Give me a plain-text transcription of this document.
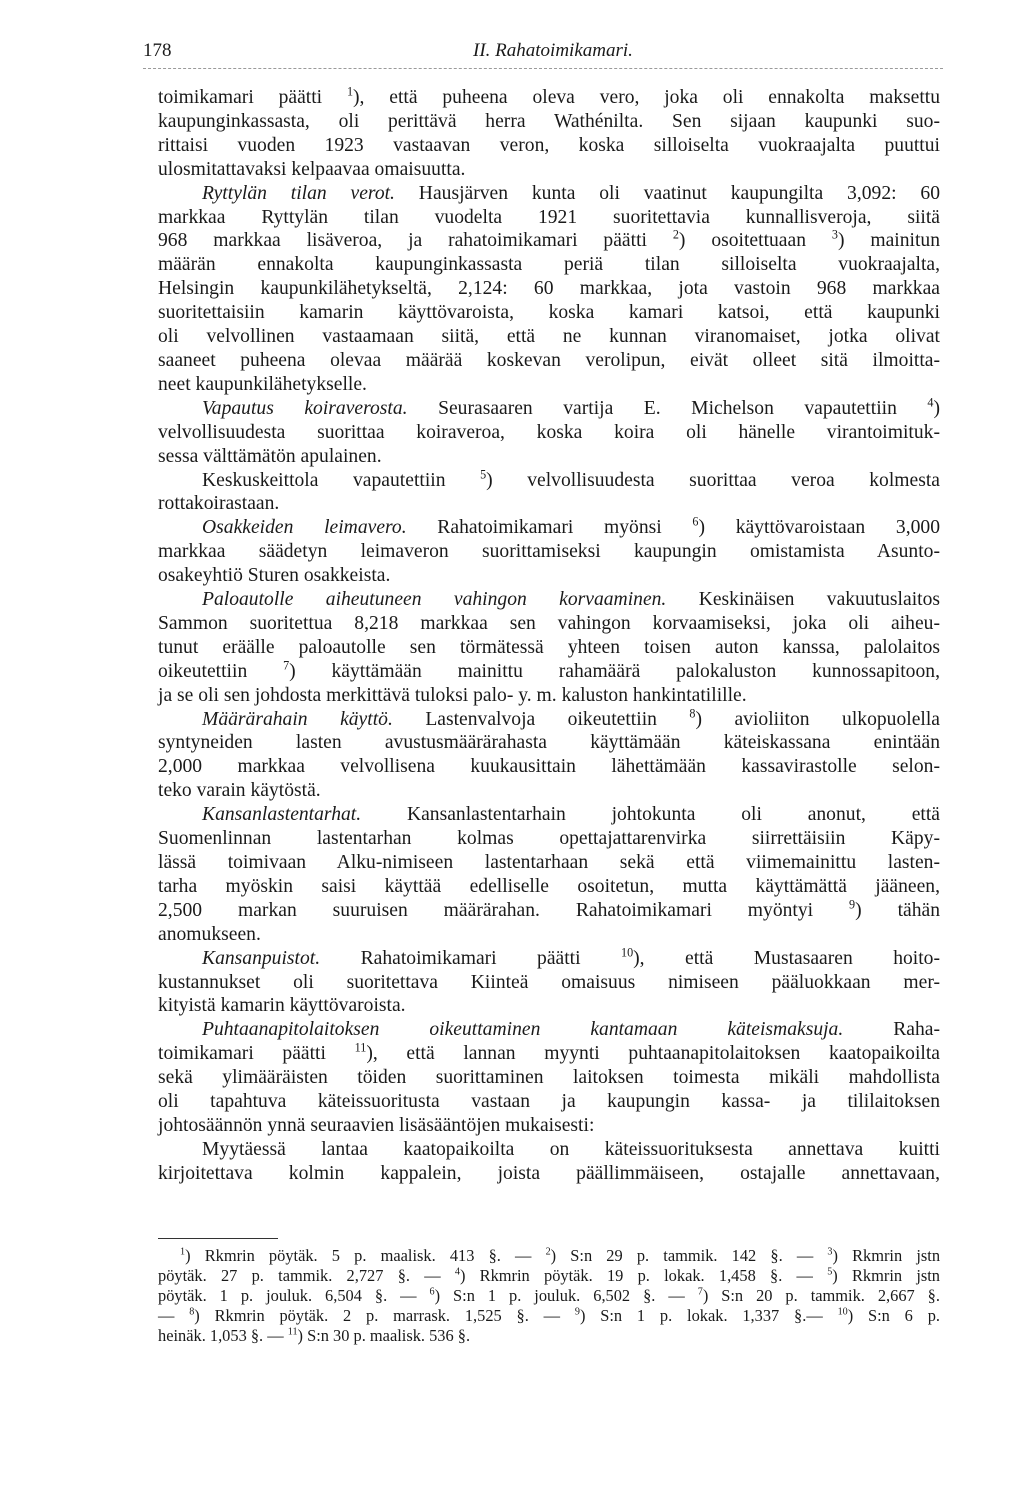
178	II. Rahatoimikamari.
toimikamari päätti $^1$), että puheena oleva vero, joka oli ennakolta maksettu
kaupunginkassasta, oli perittävä herra Wathénilta. Sen sijaan kaupunki suo-
rittaisi vuoden 1923 vastaavan veron, koska silloiselta vuokraajalta puuttui
ulosmitattavaksi kelpaavaa omaisuutta.
Ryttylän tilan verot. Hausjärven kunta oli vaatinut kaupungilta 3,092: 60
markkaa Ryttylän tilan vuodelta 1921 suoritettavia kunnallisveroja, siitä
968 markkaa lisäveroa, ja rahatoimikamari päätti $^2$) osoitettuaan $^3$) mainitun
määrän ennakolta kaupunginkassasta periä tilan silloiselta vuokraajalta,
Helsingin kaupunkilähetykseltä, 2,124: 60 markkaa, jota vastoin 968 markkaa
suoritettaisiin kamarin käyttövaroista, koska kamari katsoi, että kaupunki
oli velvollinen vastaamaan siitä, että ne kunnan viranomaiset, jotka olivat
saaneet puheena olevaa määrää koskevan verolipun, eivät olleet sitä ilmoitta-
neet kaupunkilähetykselle.
Vapautus koiraverosta. Seurasaaren vartija E. Michelson vapautettiin $^4$)
velvollisuudesta suorittaa koiraveroa, koska koira oli hänelle virantoimituk-
sessa välttämätön apulainen.
Keskuskeittola vapautettiin $^5$) velvollisuudesta suorittaa veroa kolmesta
rottakoirastaan.
Osakkeiden leimavero. Rahatoimikamari myönsi $^6$) käyttövaroistaan 3,000
markkaa säädetyn leimaveron suorittamiseksi kaupungin omistamista Asunto-
osakeyhtiö Sturen osakkeista.
Paloautolle aiheutuneen vahingon korvaaminen. Keskinäisen vakuutuslaitos
Sammon suoritettua 8,218 markkaa sen vahingon korvaamiseksi, joka oli aiheu-
tunut eräälle paloautolle sen törmätessä yhteen toisen auton kanssa, palolaitos
oikeutettiin $^7$) käyttämään mainittu rahamäärä palokaluston kunnossapitoon,
ja se oli sen johdosta merkittävä tuloksi palo- y. m. kaluston hankintatilille.
Määrärahain käyttö. Lastenvalvoja oikeutettiin $^8$) avioliiton ulkopuolella
syntyneiden lasten avustusmäärärahasta käyttämään käteiskassana enintään
2,000 markkaa velvollisena kuukausittain lähettämään kassavirastolle selon-
teko varain käytöstä.
Kansanlastentarhat. Kansanlastentarhain johtokunta oli anonut, että
Suomenlinnan lastentarhan kolmas opettajattarenvirka siirrettäisiin Käpy-
lässä toimivaan Alku-nimiseen lastentarhaan sekä että viimemainittu lasten-
tarha myöskin saisi käyttää edelliselle osoitetun, mutta käyttämättä jääneen,
2,500 markan suuruisen määrärahan. Rahatoimikamari myöntyi $^9$) tähän
anomukseen.
Kansanpuistot. Rahatoimikamari päätti $^{10}$), että Mustasaaren hoito-
kustannukset oli suoritettava Kiinteä omaisuus nimiseen pääluokkaan mer-
kityistä kamarin käyttövaroista.
Puhtaanapitolaitoksen oikeuttaminen kantamaan käteismaksuja. Raha-
toimikamari päätti $^{11}$), että lannan myynti puhtaanapitolaitoksen kaatopaikoilta
sekä ylimääräisten töiden suorittaminen laitoksen toimesta mikäli mahdollista
oli tapahtuva käteissuoritusta vastaan ja kaupungin kassa- ja tililaitoksen
johtosäännön ynnä seuraavien lisäsääntöjen mukaisesti:
Myytäessä lantaa kaatopaikoilta on käteissuorituksesta annettava kuitti
kirjoitettava kolmin kappalein, joista päällimmäiseen, ostajalle annettavaan,
$^1$) Rkmrin pöytäk. 5 p. maalisk. 413 §. — $^2$) S:n 29 p. tammik. 142 §. — $^3$) Rkmrin jstn
pöytäk. 27 p. tammik. 2,727 §. — $^4$) Rkmrin pöytäk. 19 p. lokak. 1,458 §. — $^5$) Rkmrin jstn
pöytäk. 1 p. jouluk. 6,504 §. — $^6$) S:n 1 p. jouluk. 6,502 §. — $^7$) S:n 20 p. tammik. 2,667 §.
— $^8$) Rkmrin pöytäk. 2 p. marrask. 1,525 §. — $^9$) S:n 1 p. lokak. 1,337 §.— $^{10}$) S:n 6 p.
heinäk. 1,053 §. — $^{11}$) S:n 30 p. maalisk. 536 §.
